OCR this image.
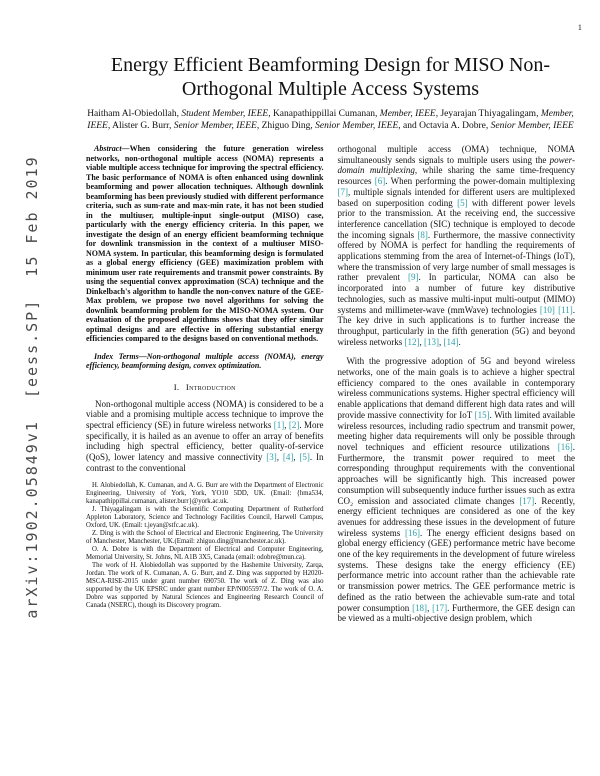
1
arXiv:1902.05849v1  [eess.SP]  15 Feb 2019
Energy Efficient Beamforming Design for MISO Non-Orthogonal Multiple Access Systems
Haitham Al-Obiedollah, Student Member, IEEE, Kanapathippillai Cumanan, Member, IEEE, Jeyarajan Thiyagalingam, Member, IEEE, Alister G. Burr, Senior Member, IEEE, Zhiguo Ding, Senior Member, IEEE, and Octavia A. Dobre, Senior Member, IEEE

Abstract—When considering the future generation wireless networks, non-orthogonal multiple access (NOMA) represents a viable multiple access technique for improving the spectral efficiency. The basic performance of NOMA is often enhanced using downlink beamforming and power allocation techniques. Although downlink beamforming has been previously studied with different performance criteria, such as sum-rate and max-min rate, it has not been studied in the multiuser, multiple-input single-output (MISO) case, particularly with the energy efficiency criteria. In this paper, we investigate the design of an energy efficient beamforming technique for downlink transmission in the context of a multiuser MISO-NOMA system. In particular, this beamforming design is formulated as a global energy efficiency (GEE) maximization problem with minimum user rate requirements and transmit power constraints. By using the sequential convex approximation (SCA) technique and the Dinkelbach's algorithm to handle the non-convex nature of the GEE-Max problem, we propose two novel algorithms for solving the downlink beamforming problem for the MISO-NOMA system. Our evaluation of the proposed algorithms shows that they offer similar optimal designs and are effective in offering substantial energy efficiencies compared to the designs based on conventional methods.

Index Terms—Non-orthogonal multiple access (NOMA), energy efficiency, beamforming design, convex optimization.

I. Introduction

Non-orthogonal multiple access (NOMA) is considered to be a viable and a promising multiple access technique to improve the spectral efficiency (SE) in future wireless networks [1], [2]. More specifically, it is hailed as an avenue to offer an array of benefits including high spectral efficiency, better quality-of-service (QoS), lower latency and massive connectivity [3], [4], [5]. In contrast to the conventional

H. Alobiedollah, K. Cumanan, and A. G. Burr are with the Department of Electronic Engineering, University of York, York, YO10 5DD, UK. (Email: {hma534, kanapathippillai.cumanan, alister.burr}@york.ac.uk.

J. Thiyagalingam is with the Scientific Computing Department of Rutherford Appleton Laboratory, Science and Technology Facilities Council, Harwell Campus, Oxford, UK. (Email: t.jeyan@stfc.ac.uk).

Z. Ding is with the School of Electrical and Electronic Engineering, The University of Manchester, Manchester, UK.(Email: zhiguo.ding@manchester.ac.uk).

O. A. Dobre is with the Department of Electrical and Computer Engineering, Memorial University, St. Johns, NL A1B 3X5, Canada (email: odobre@mun.ca).

The work of H. Alobiedollah was supported by the Hashemite University, Zarqa, Jordan. The work of K. Cumanan, A. G. Burr, and Z. Ding was supported by H2020-MSCA-RISE-2015 under grant number 690750. The work of Z. Ding was also supported by the UK EPSRC under grant number EP/N005597/2. The work of O. A. Dobre was supported by Natural Sciences and Engineering Research Council of Canada (NSERC), though its Discovery program.

orthogonal multiple access (OMA) technique, NOMA simultaneously sends signals to multiple users using the power-domain multiplexing, while sharing the same time-frequency resources [6]. When performing the power-domain multiplexing [7], multiple signals intended for different users are multiplexed based on superposition coding [5] with different power levels prior to the transmission. At the receiving end, the successive interference cancellation (SIC) technique is employed to decode the incoming signals [8]. Furthermore, the massive connectivity offered by NOMA is perfect for handling the requirements of applications stemming from the area of Internet-of-Things (IoT), where the transmission of very large number of small messages is rather prevalent [9]. In particular, NOMA can also be incorporated into a number of future key distributive technologies, such as massive multi-input multi-output (MIMO) systems and millimeter-wave (mmWave) technologies [10] [11]. The key drive in such applications is to further increase the throughput, particularly in the fifth generation (5G) and beyond wireless networks [12], [13], [14].

With the progressive adoption of 5G and beyond wireless networks, one of the main goals is to achieve a higher spectral efficiency compared to the ones available in contemporary wireless communications systems. Higher spectral efficiency will enable applications that demand different high data rates and will provide massive connectivity for IoT [15]. With limited available wireless resources, including radio spectrum and transmit power, meeting higher data requirements will only be possible through novel techniques and efficient resource utilizations [16]. Furthermore, the transmit power required to meet the corresponding throughput requirements with the conventional approaches will be significantly high. This increased power consumption will subsequently induce further issues such as extra CO₂ emission and associated climate changes [17]. Recently, energy efficient techniques are considered as one of the key avenues for addressing these issues in the development of future wireless systems [16]. The energy efficient designs based on global energy efficiency (GEE) performance metric have become one of the key requirements in the development of future wireless systems. These designs take the energy efficiency (EE) performance metric into account rather than the achievable rate or transmission power metrics. The GEE performance metric is defined as the ratio between the achievable sum-rate and total power consumption [18], [17]. Furthermore, the GEE design can be viewed as a multi-objective design problem, which
